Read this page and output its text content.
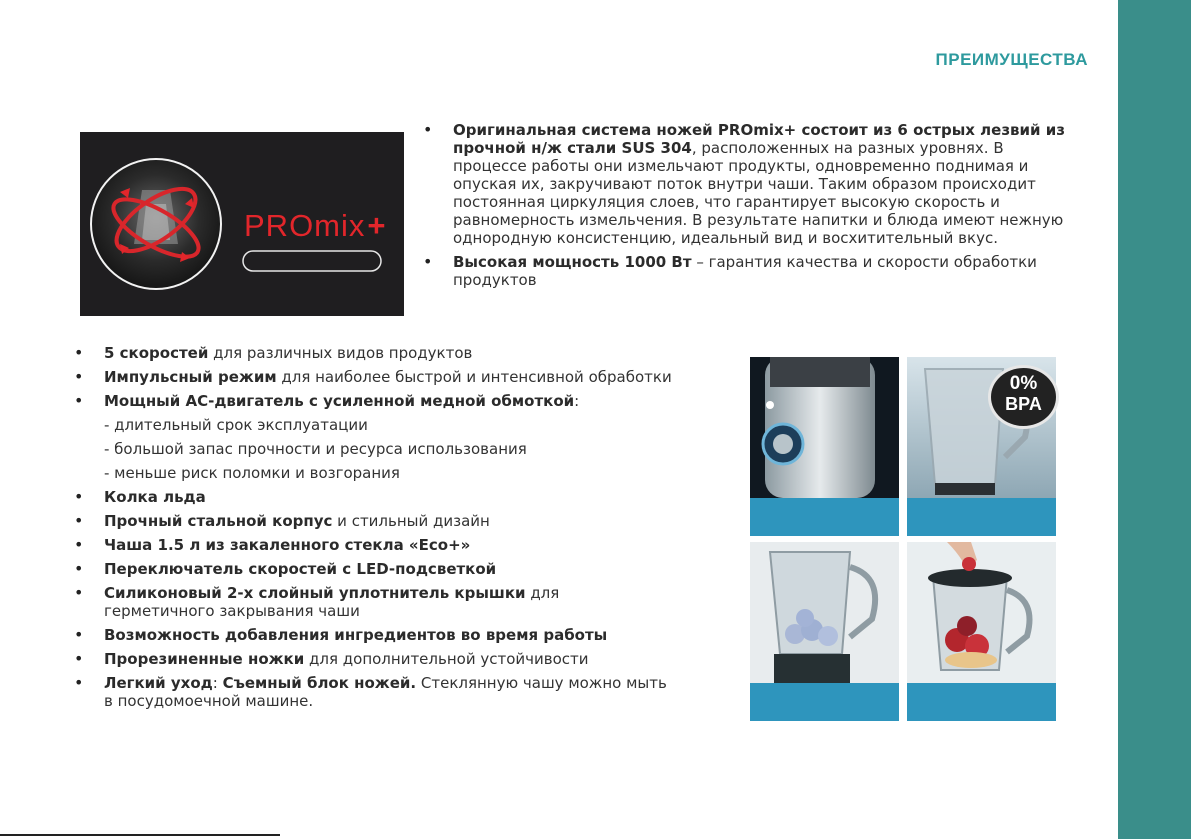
ПРЕИМУЩЕСТВА
PROmix+
• Оригинальная система ножей PROmix+ состоит из 6 острых лезвий из прочной н/ж стали SUS 304, расположенных на разных уровнях. В процессе работы они измельчают продукты, одновременно поднимая и опуская их, закручивают поток внутри чаши. Таким образом происходит постоянная циркуляция слоев, что гарантирует высокую скорость и равномерность измельчения. В результате напитки и блюда имеют нежную однородную консистенцию, идеальный вид и восхитительный вкус.
• Высокая мощность 1000 Вт – гарантия качества и скорости обработки продуктов
• 5 скоростей для различных видов продуктов
• Импульсный режим для наиболее быстрой и интенсивной обработки
• Мощный АС-двигатель с усиленной медной обмоткой:
- длительный срок эксплуатации
- большой запас прочности и ресурса использования
- меньше риск поломки и возгорания
• Колка льда
• Прочный стальной корпус и стильный дизайн
• Чаша 1.5 л из закаленного стекла «Eco+»
• Переключатель скоростей с LED-подсветкой
• Силиконовый 2-х слойный уплотнитель крышки для герметичного закрывания чаши
• Возможность добавления ингредиентов во время работы
• Прорезиненные ножки для дополнительной устойчивости
• Легкий уход: Съемный блок ножей. Стеклянную чашу можно мыть в посудомоечной машине.
0%
BPA
